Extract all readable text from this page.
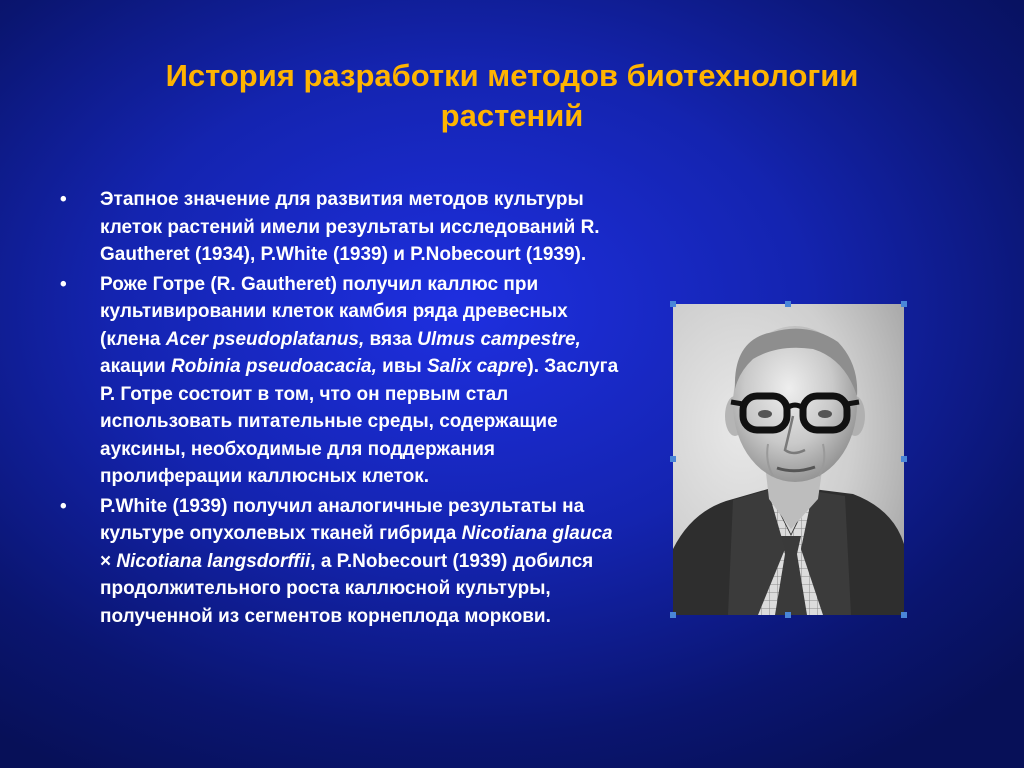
История разработки методов биотехнологии
растений
• Этапное значение для развития методов культуры клеток растений имели результаты исследований R. Gautheret (1934), P.White (1939) и P.Nobecourt (1939).
• Роже Готре (R. Gautheret) получил каллюс при культивировании клеток камбия ряда древесных (клена Acer pseudoplatanus, вяза Ulmus campestre, акации Robinia pseudoacacia, ивы Salix capre). Заслуга Р. Готре состоит в том, что он первым стал использовать питательные среды, содержащие ауксины, необходимые для поддержания пролиферации каллюсных клеток.
• P.White (1939) получил аналогичные результаты на культуре опухолевых тканей гибрида Nicotiana glauca × Nicotiana langsdorffii, а P.Nobecourt (1939) добился продолжительного роста каллюсной культуры, полученной из сегментов корнеплода моркови.
